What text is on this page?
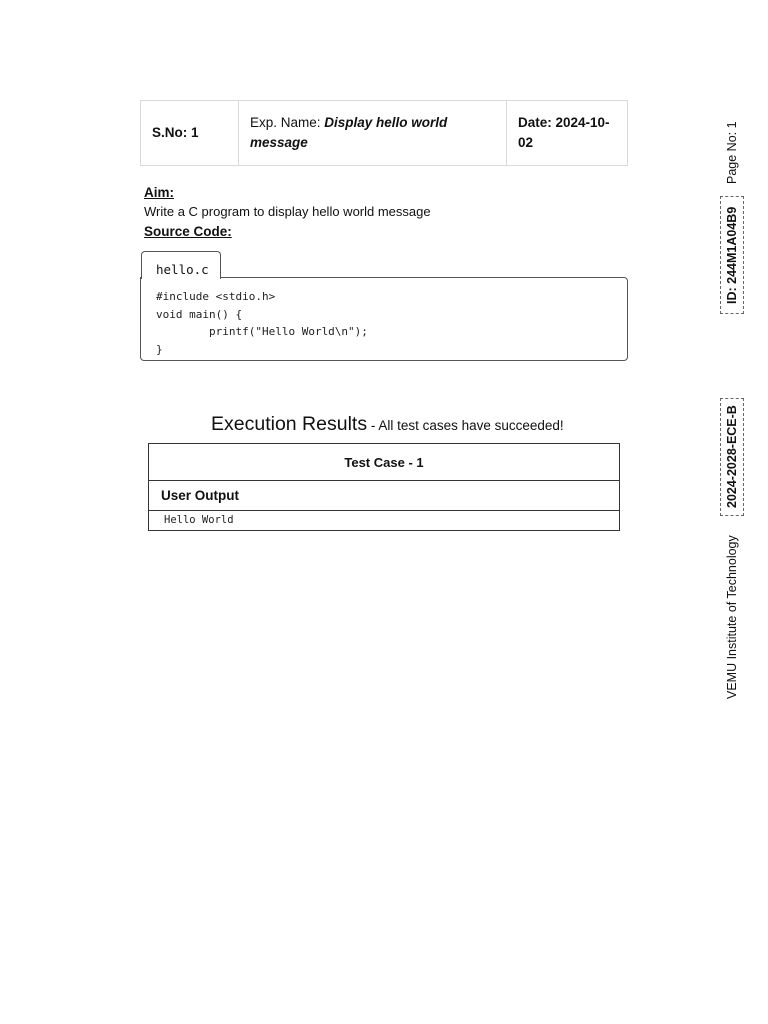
S.No: 1
Exp. Name: Display hello world message
Date: 2024-10-02
Aim:
Write a C program to display hello world message
Source Code:
hello.c
#include <stdio.h>
void main() {
printf("Hello World\n");
}
Execution Results - All test cases have succeeded!
Test Case - 1
User Output
Hello World
Page No: 1
ID: 244M1A04B9
2024-2028-ECE-B
VEMU Institute of Technology
